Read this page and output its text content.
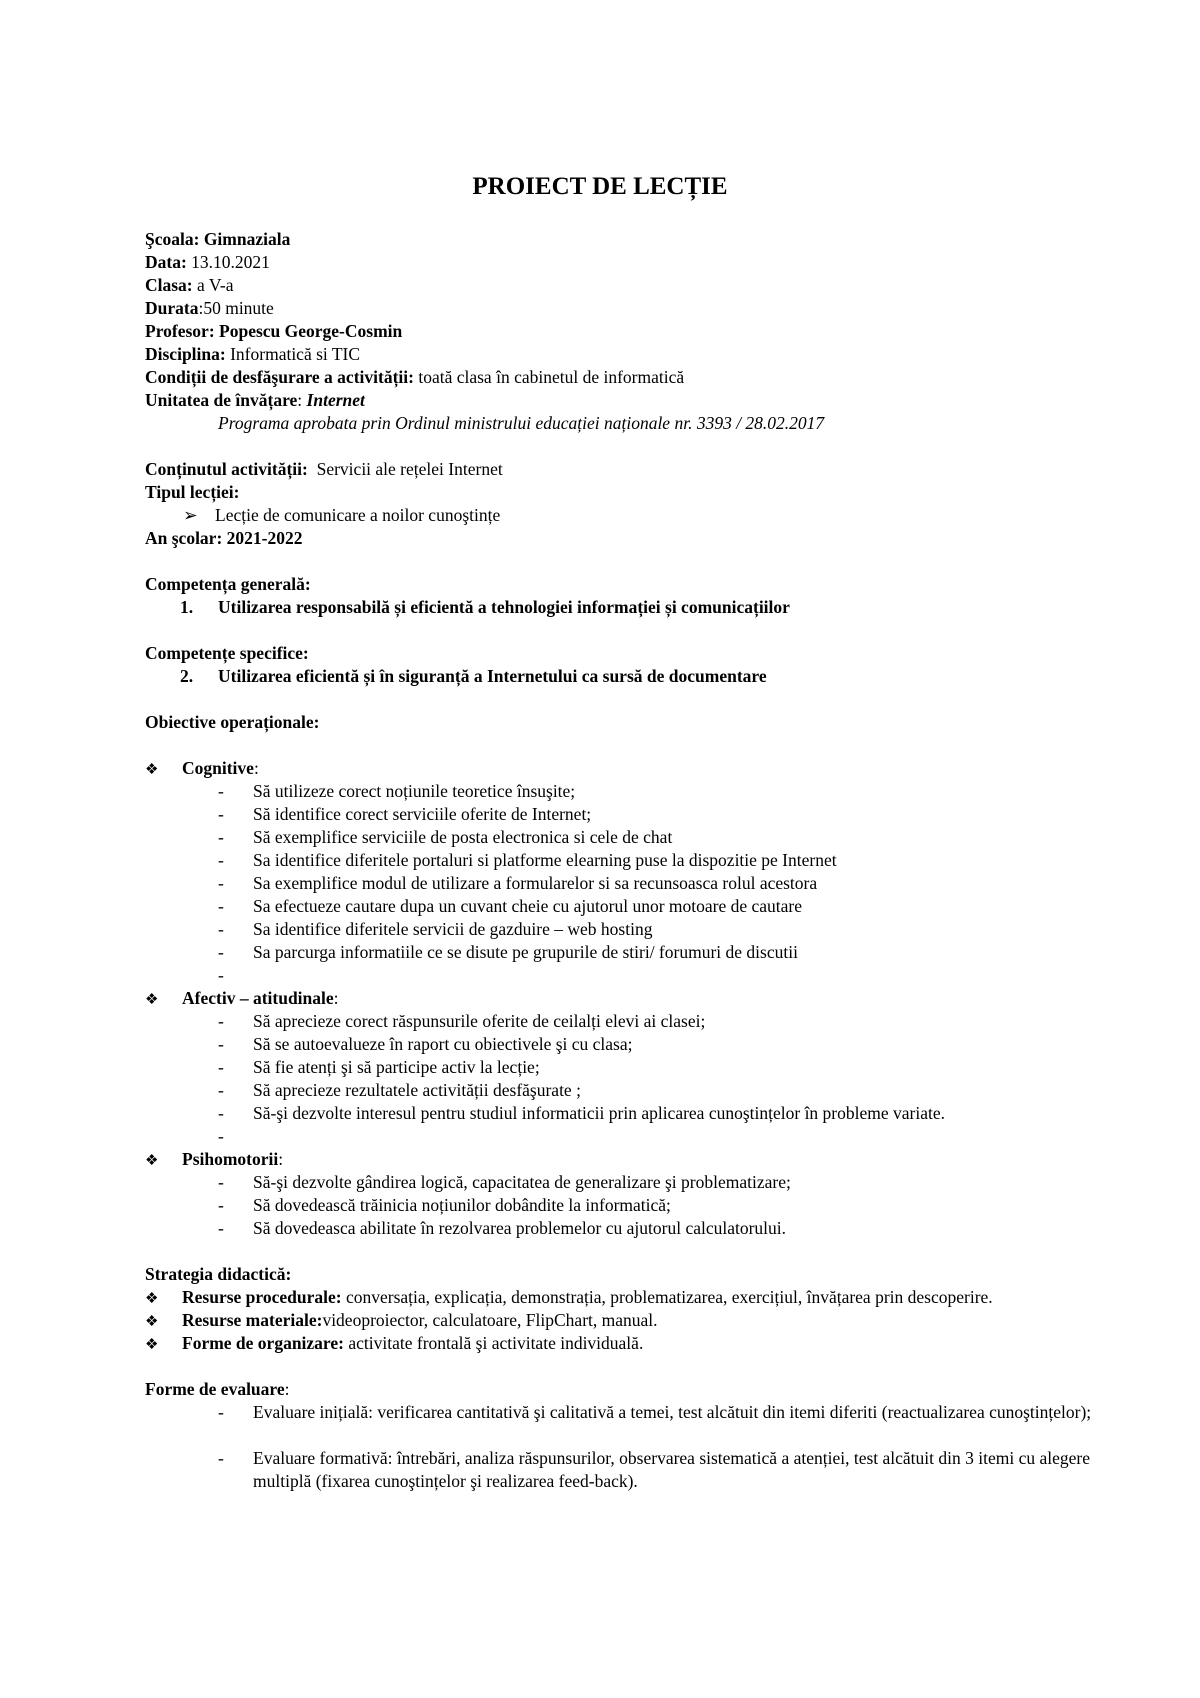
PROIECT DE LECȚIE
Şcoala: Gimnaziala
Data: 13.10.2021
Clasa: a V-a
Durata:50 minute
Profesor: Popescu George-Cosmin
Disciplina: Informatică si TIC
Condiții de desfăşurare a activității: toată clasa în cabinetul de informatică
Unitatea de învățare: Internet
Programa aprobata prin Ordinul ministrului educației naționale nr. 3393 / 28.02.2017
Conținutul activității: Servicii ale rețelei Internet
Tipul lecției:
➢ Lecție de comunicare a noilor cunoştințe
An şcolar: 2021-2022
Competența generală:
1. Utilizarea responsabilă și eficientă a tehnologiei informației și comunicațiilor
Competențe specifice:
2. Utilizarea eficientă și în siguranță a Internetului ca sursă de documentare
Obiective operaționale:
❖ Cognitive:
- Să utilizeze corect noțiunile teoretice însuşite;
- Să identifice corect serviciile oferite de Internet;
- Să exemplifice serviciile de posta electronica si cele de chat
- Sa identifice diferitele portaluri si platforme elearning puse la dispozitie pe Internet
- Sa exemplifice modul de utilizare a formularelor si sa recunsoasca rolul acestora
- Sa efectueze cautare dupa un cuvant cheie cu ajutorul unor motoare de cautare
- Sa identifice diferitele servicii de gazduire – web hosting
- Sa parcurga informatiile ce se disute pe grupurile de stiri/ forumuri de discutii
-
❖ Afectiv – atitudinale:
- Să aprecieze corect răspunsurile oferite de ceilalți elevi ai clasei;
- Să se autoevalueze în raport cu obiectivele şi cu clasa;
- Să fie atenți şi să participe activ la lecție;
- Să aprecieze rezultatele activității desfăşurate ;
- Să-şi dezvolte interesul pentru studiul informaticii prin aplicarea cunoştințelor în probleme variate.
-
❖ Psihomotorii:
- Să-şi dezvolte gândirea logică, capacitatea de generalizare şi problematizare;
- Să dovedească trăinicia noțiunilor dobândite la informatică;
- Să dovedeasca abilitate în rezolvarea problemelor cu ajutorul calculatorului.
Strategia didactică:
❖ Resurse procedurale: conversația, explicația, demonstrația, problematizarea, exercițiul, învățarea prin descoperire.
❖ Resurse materiale:videoproiector, calculatoare, FlipChart, manual.
❖ Forme de organizare: activitate frontală şi activitate individuală.
Forme de evaluare:
- Evaluare inițială: verificarea cantitativă şi calitativă a temei, test alcătuit din itemi diferiti (reactualizarea cunoştințelor);
- Evaluare formativă: întrebări, analiza răspunsurilor, observarea sistematică a atenției, test alcătuit din 3 itemi cu alegere multiplă (fixarea cunoştințelor şi realizarea feed-back).
